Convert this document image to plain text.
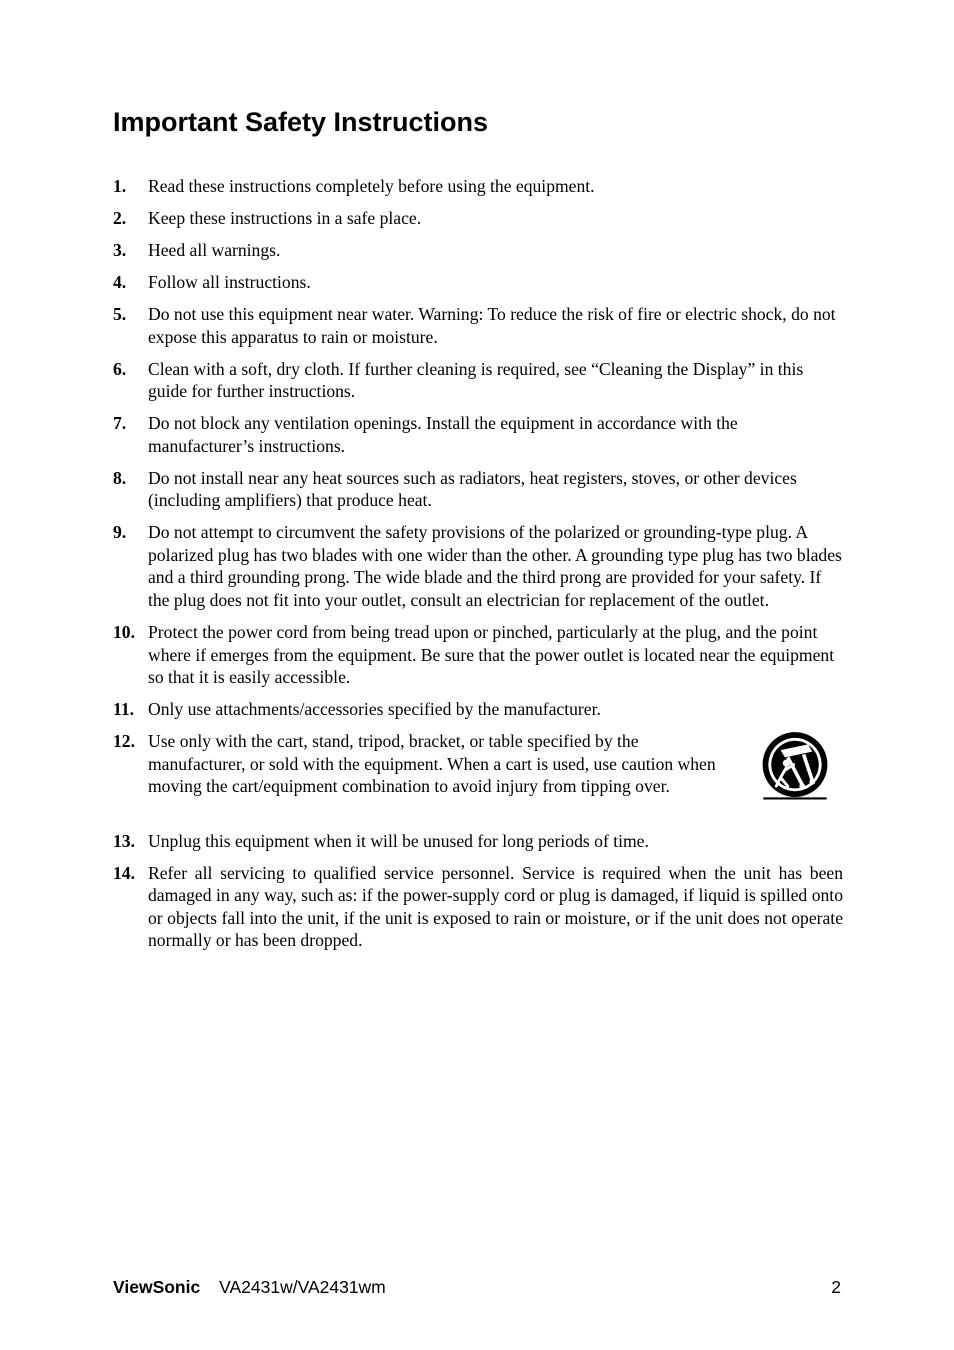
Important Safety Instructions
1. Read these instructions completely before using the equipment.
2. Keep these instructions in a safe place.
3. Heed all warnings.
4. Follow all instructions.
5. Do not use this equipment near water. Warning: To reduce the risk of fire or electric shock, do not expose this apparatus to rain or moisture.
6. Clean with a soft, dry cloth. If further cleaning is required, see “Cleaning the Display” in this guide for further instructions.
7. Do not block any ventilation openings. Install the equipment in accordance with the manufacturer’s instructions.
8. Do not install near any heat sources such as radiators, heat registers, stoves, or other devices (including amplifiers) that produce heat.
9. Do not attempt to circumvent the safety provisions of the polarized or grounding-type plug. A polarized plug has two blades with one wider than the other. A grounding type plug has two blades and a third grounding prong. The wide blade and the third prong are provided for your safety. If the plug does not fit into your outlet, consult an electrician for replacement of the outlet.
10. Protect the power cord from being tread upon or pinched, particularly at the plug, and the point where if emerges from the equipment. Be sure that the power outlet is located near the equipment so that it is easily accessible.
11. Only use attachments/accessories specified by the manufacturer.
12. Use only with the cart, stand, tripod, bracket, or table specified by the manufacturer, or sold with the equipment. When a cart is used, use caution when moving the cart/equipment combination to avoid injury from tipping over.
13. Unplug this equipment when it will be unused for long periods of time.
14. Refer all servicing to qualified service personnel. Service is required when the unit has been damaged in any way, such as: if the power-supply cord or plug is damaged, if liquid is spilled onto or objects fall into the unit, if the unit is exposed to rain or moisture, or if the unit does not operate normally or has been dropped.
ViewSonic VA2431w/VA2431wm	2
